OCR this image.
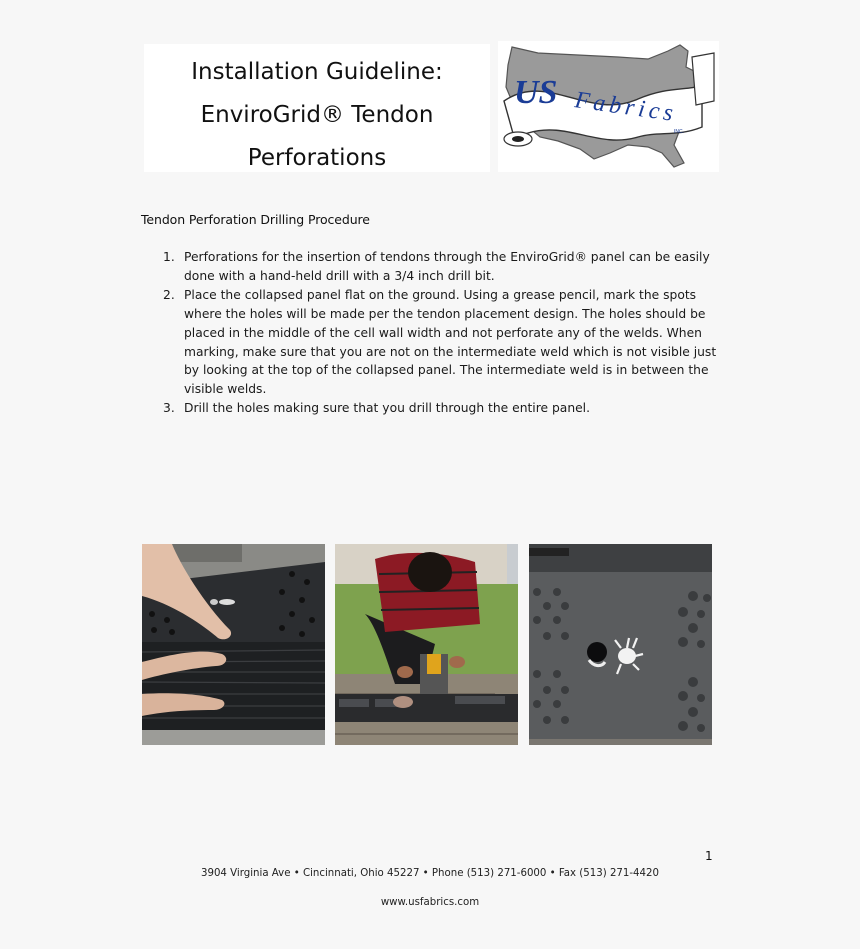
Installation Guideline:
EnviroGrid® Tendon
Perforations
US Fabrics
INC.
Tendon Perforation Drilling Procedure
1. Perforations for the insertion of tendons through the EnviroGrid® panel can be easily done with a hand-held drill with a 3/4 inch drill bit.
2. Place the collapsed panel flat on the ground. Using a grease pencil, mark the spots where the holes will be made per the tendon placement design. The holes should be placed in the middle of the cell wall width and not perforate any of the welds. When marking, make sure that you are not on the intermediate weld which is not visible just by looking at the top of the collapsed panel. The intermediate weld is in between the visible welds.
3. Drill the holes making sure that you drill through the entire panel.
1
3904 Virginia Ave • Cincinnati, Ohio 45227 • Phone (513) 271-6000 • Fax (513) 271-4420
www.usfabrics.com
